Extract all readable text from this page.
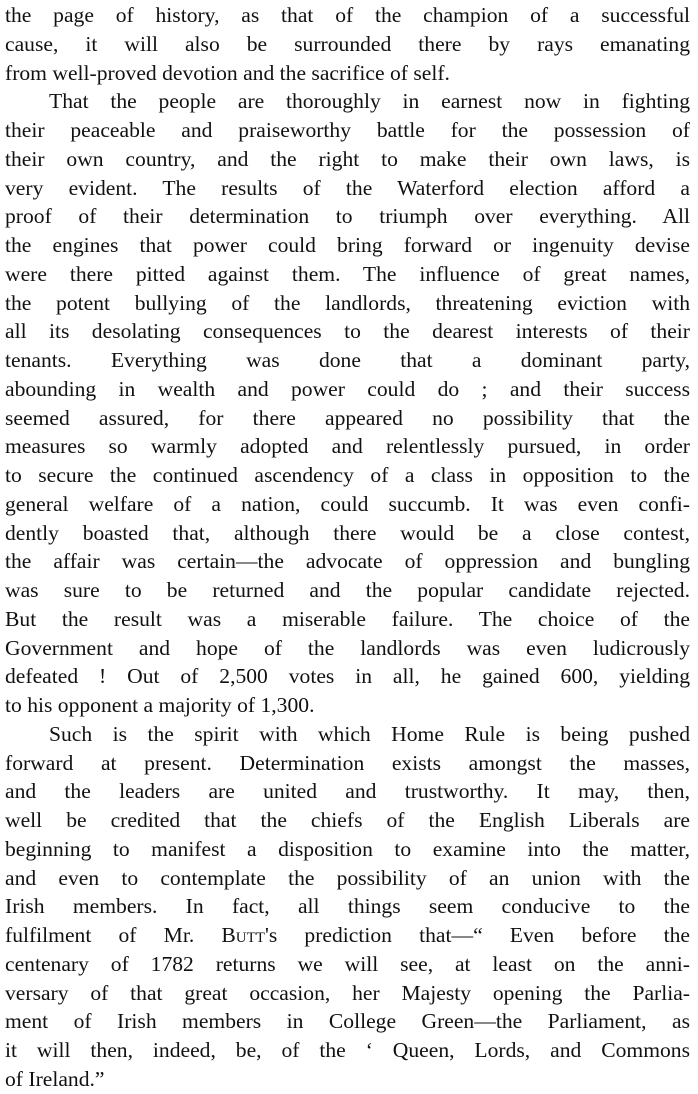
the page of history, as that of the champion of a successful
cause, it will also be surrounded there by rays emanating
from well-proved devotion and the sacrifice of self.
That the people are thoroughly in earnest now in fighting
their peaceable and praiseworthy battle for the possession of
their own country, and the right to make their own laws, is
very evident. The results of the Waterford election afford a
proof of their determination to triumph over everything. All
the engines that power could bring forward or ingenuity devise
were there pitted against them. The influence of great names,
the potent bullying of the landlords, threatening eviction with
all its desolating consequences to the dearest interests of their
tenants. Everything was done that a dominant party,
abounding in wealth and power could do ; and their success
seemed assured, for there appeared no possibility that the
measures so warmly adopted and relentlessly pursued, in order
to secure the continued ascendency of a class in opposition to the
general welfare of a nation, could succumb. It was even confi-
dently boasted that, although there would be a close contest,
the affair was certain—the advocate of oppression and bungling
was sure to be returned and the popular candidate rejected.
But the result was a miserable failure. The choice of the
Government and hope of the landlords was even ludicrously
defeated ! Out of 2,500 votes in all, he gained 600, yielding
to his opponent a majority of 1,300.
Such is the spirit with which Home Rule is being pushed
forward at present. Determination exists amongst the masses,
and the leaders are united and trustworthy. It may, then,
well be credited that the chiefs of the English Liberals are
beginning to manifest a disposition to examine into the matter,
and even to contemplate the possibility of an union with the
Irish members. In fact, all things seem conducive to the
fulfilment of Mr. Butt's prediction that—“ Even before the
centenary of 1782 returns we will see, at least on the anni-
versary of that great occasion, her Majesty opening the Parlia-
ment of Irish members in College Green—the Parliament, as
it will then, indeed, be, of the ‘ Queen, Lords, and Commons
of Ireland.”
